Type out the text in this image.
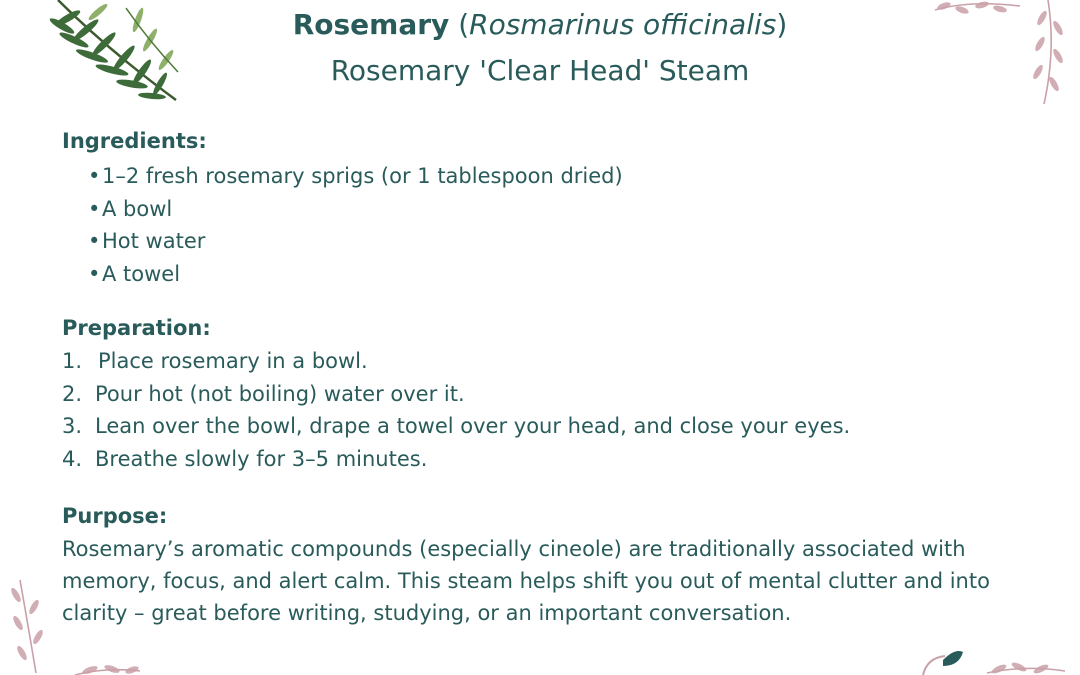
Rosemary (Rosmarinus officinalis)
Rosemary 'Clear Head' Steam
Ingredients:
•1–2 fresh rosemary sprigs (or 1 tablespoon dried)
•A bowl
•Hot water
•A towel
Preparation:
1. Place rosemary in a bowl.
2. Pour hot (not boiling) water over it.
3. Lean over the bowl, drape a towel over your head, and close your eyes.
4. Breathe slowly for 3–5 minutes.
Purpose:
Rosemary’s aromatic compounds (especially cineole) are traditionally associated with memory, focus, and alert calm. This steam helps shift you out of mental clutter and into clarity – great before writing, studying, or an important conversation.
